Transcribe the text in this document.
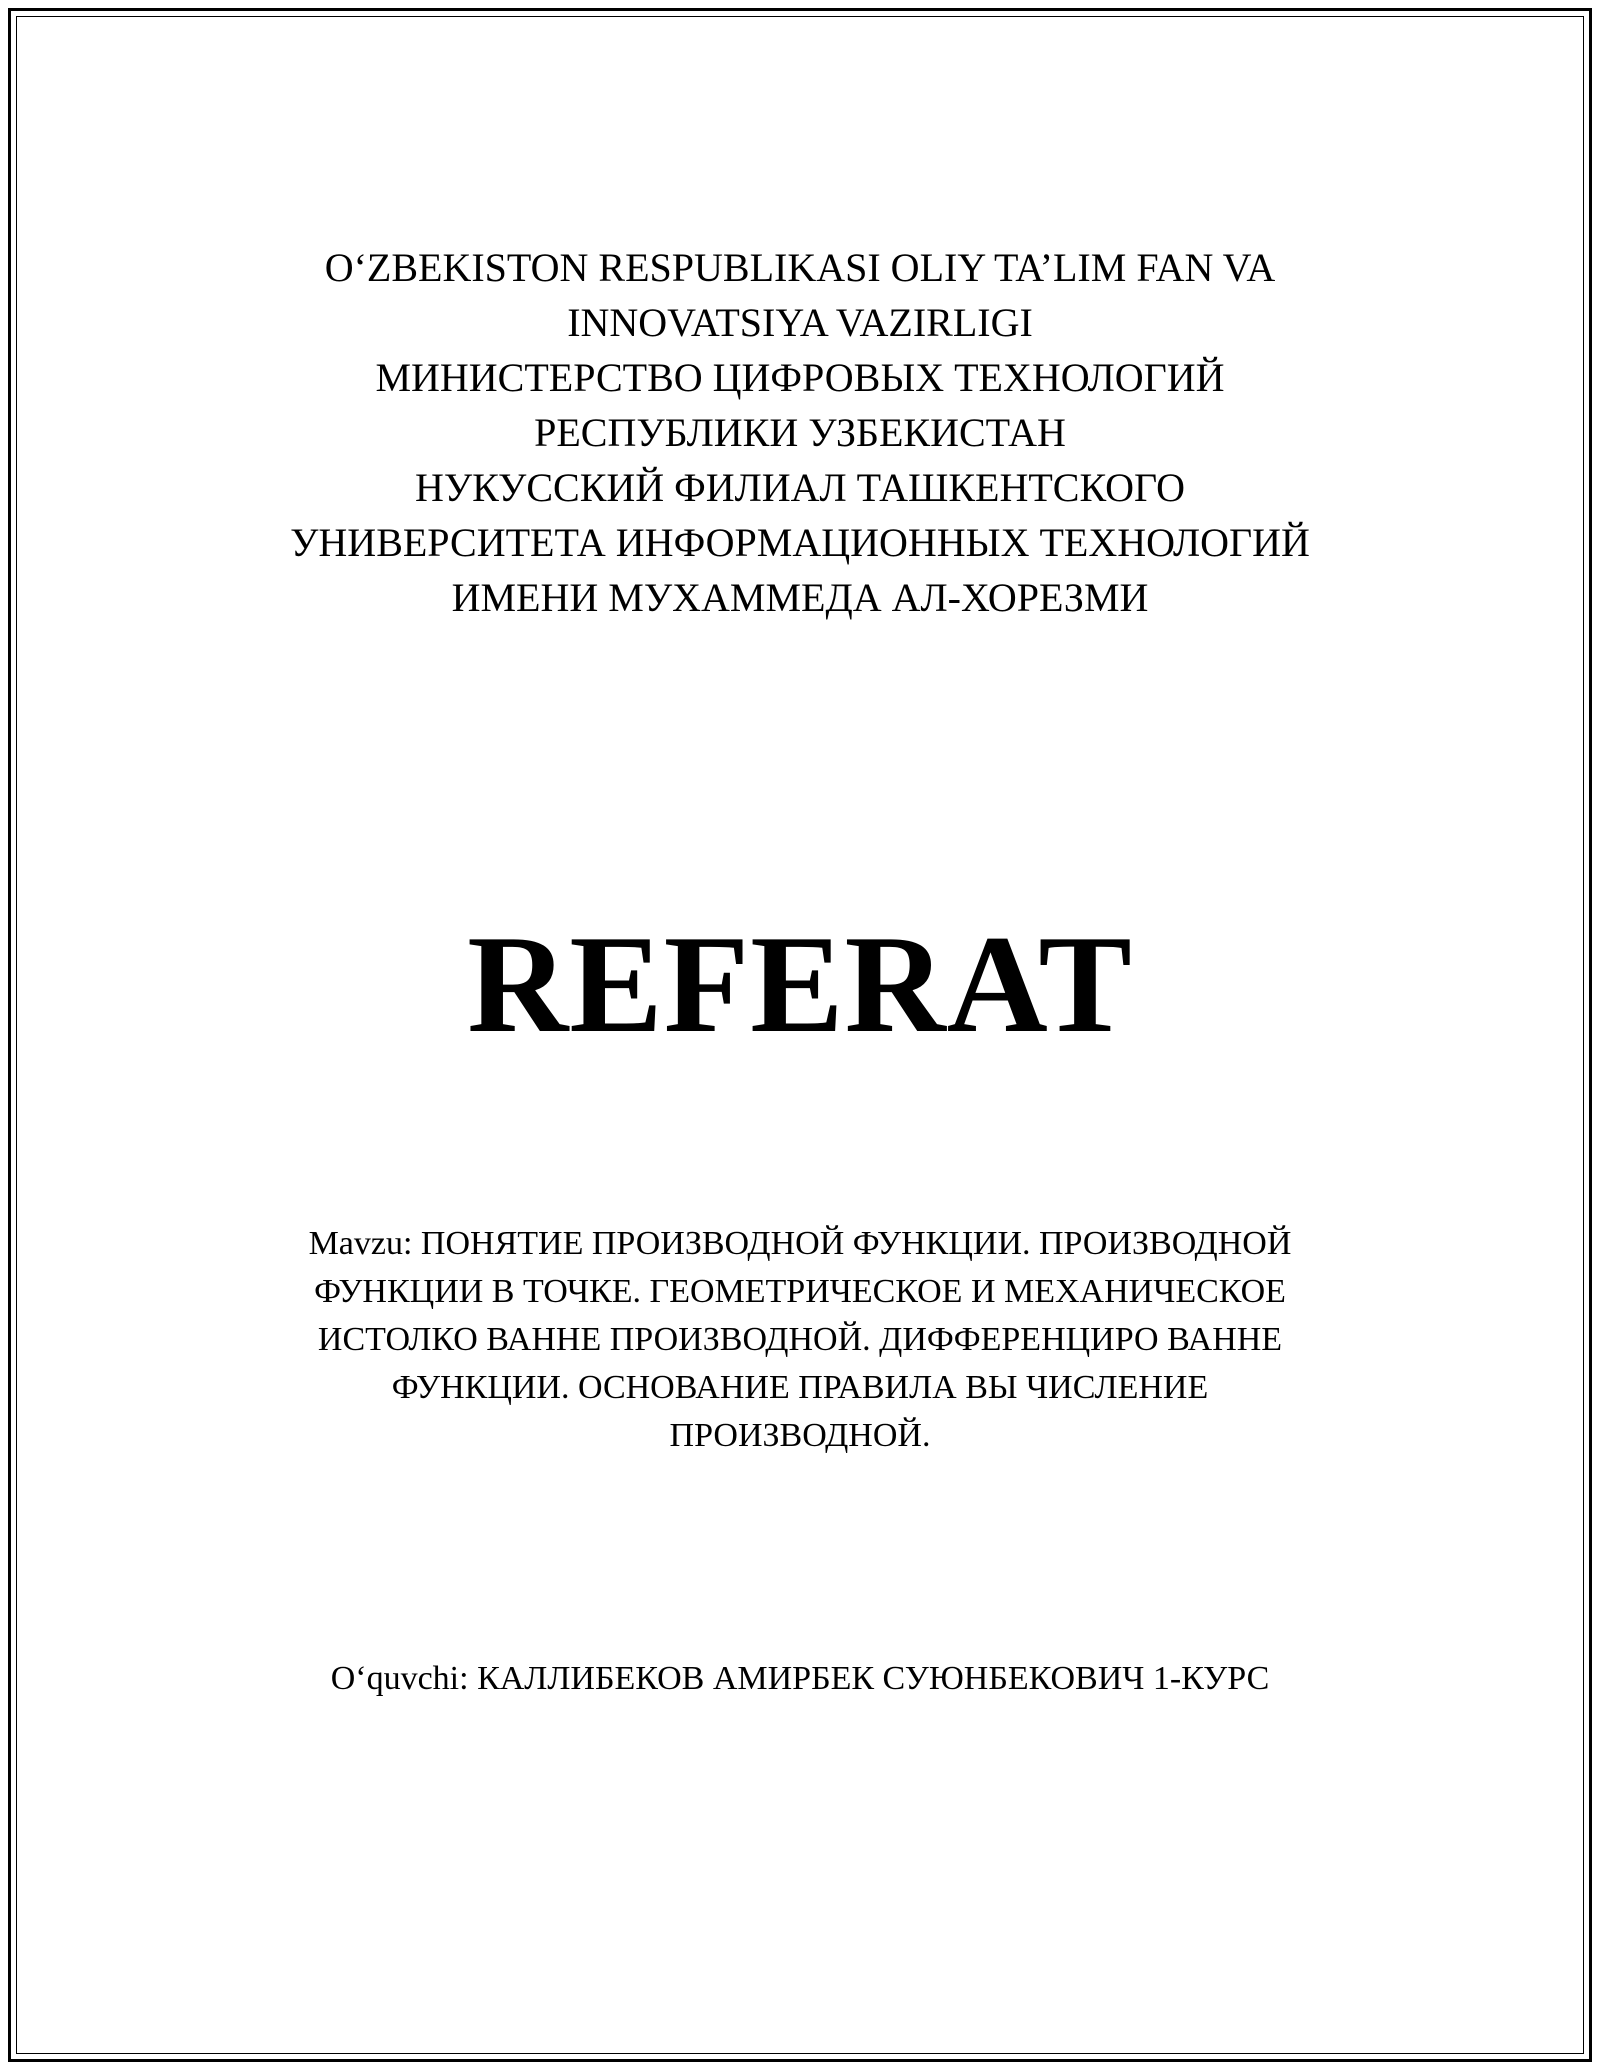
O‘ZBEKISTON RESPUBLIKASI OLIY TA’LIM FAN VA
INNOVATSIYA VAZIRLIGI
МИНИСТЕРСТВО ЦИФРОВЫХ ТЕХНОЛОГИЙ
РЕСПУБЛИКИ УЗБЕКИСТАН
НУКУССКИЙ ФИЛИАЛ ТАШКЕНТСКОГО
УНИВЕРСИТЕТА ИНФОРМАЦИОННЫХ ТЕХНОЛОГИЙ
ИМЕНИ МУХАММЕДА АЛ-ХОРЕЗМИ
REFERAT
Mavzu: ПОНЯТИЕ ПРОИЗВОДНОЙ ФУНКЦИИ. ПРОИЗВОДНОЙ
ФУНКЦИИ В ТОЧКЕ. ГЕОМЕТРИЧЕСКОЕ И МЕХАНИЧЕСКОЕ
ИСТОЛКО ВАННЕ ПРОИЗВОДНОЙ. ДИФФЕРЕНЦИРО ВАННЕ
ФУНКЦИИ. ОСНОВАНИЕ ПРАВИЛА ВЫ ЧИСЛЕНИЕ
ПРОИЗВОДНОЙ.
O‘quvchi: КАЛЛИБЕКОВ АМИРБЕК СУЮНБЕКОВИЧ 1-КУРС
